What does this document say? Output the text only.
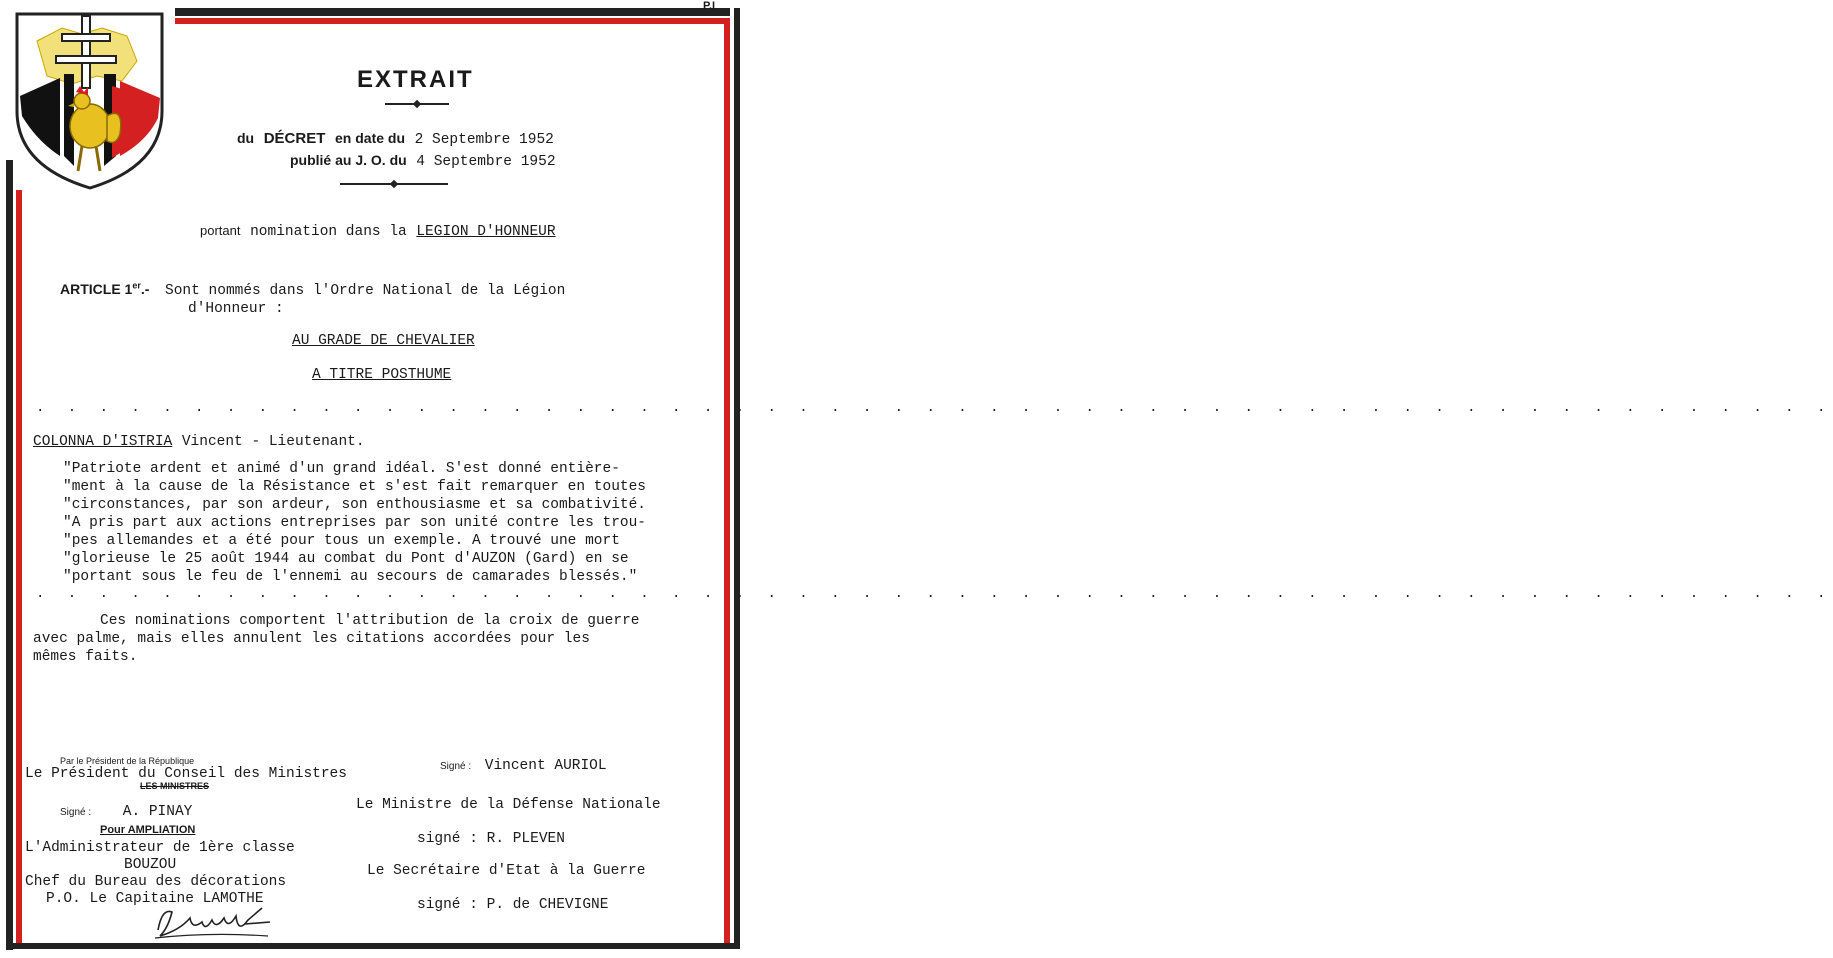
P.I
EXTRAIT
du DÉCRET en date du 2 Septembre 1952
publié au J. O. du 4 Septembre 1952
portant nomination dans la LEGION D'HONNEUR
ARTICLE 1er.- Sont nommés dans l'Ordre National de la Légion
d'Honneur :
AU GRADE DE CHEVALIER
A TITRE POSTHUME
. . . . . . . . . . . . . . . . . . . . . . . . . . . . . . . . . . . . . . . . . . . . . . . . . . . . . . . . .
COLONNA D'ISTRIA Vincent - Lieutenant.
"Patriote ardent et animé d'un grand idéal. S'est donné entière-
"ment à la cause de la Résistance et s'est fait remarquer en toutes
"circonstances, par son ardeur, son enthousiasme et sa combativité.
"A pris part aux actions entreprises par son unité contre les trou-
"pes allemandes et a été pour tous un exemple. A trouvé une mort
"glorieuse le 25 août 1944 au combat du Pont d'AUZON (Gard) en se
"portant sous le feu de l'ennemi au secours de camarades blessés."
. . . . . . . . . . . . . . . . . . . . . . . . . . . . . . . . . . . . . . . . . . . . . . . . . . . . . . . . .
Ces nominations comportent l'attribution de la croix de guerre
avec palme, mais elles annulent les citations accordées pour les
mêmes faits.
Par le Président de la République
Le Président du Conseil des Ministres
LES MINISTRES
Signé : A. PINAY
Pour AMPLIATION
L'Administrateur de 1ère classe
BOUZOU
Chef du Bureau des décorations
P.O. Le Capitaine LAMOTHE
Signé : Vincent AURIOL
Le Ministre de la Défense Nationale
signé : R. PLEVEN
Le Secrétaire d'Etat à la Guerre
signé : P. de CHEVIGNE
